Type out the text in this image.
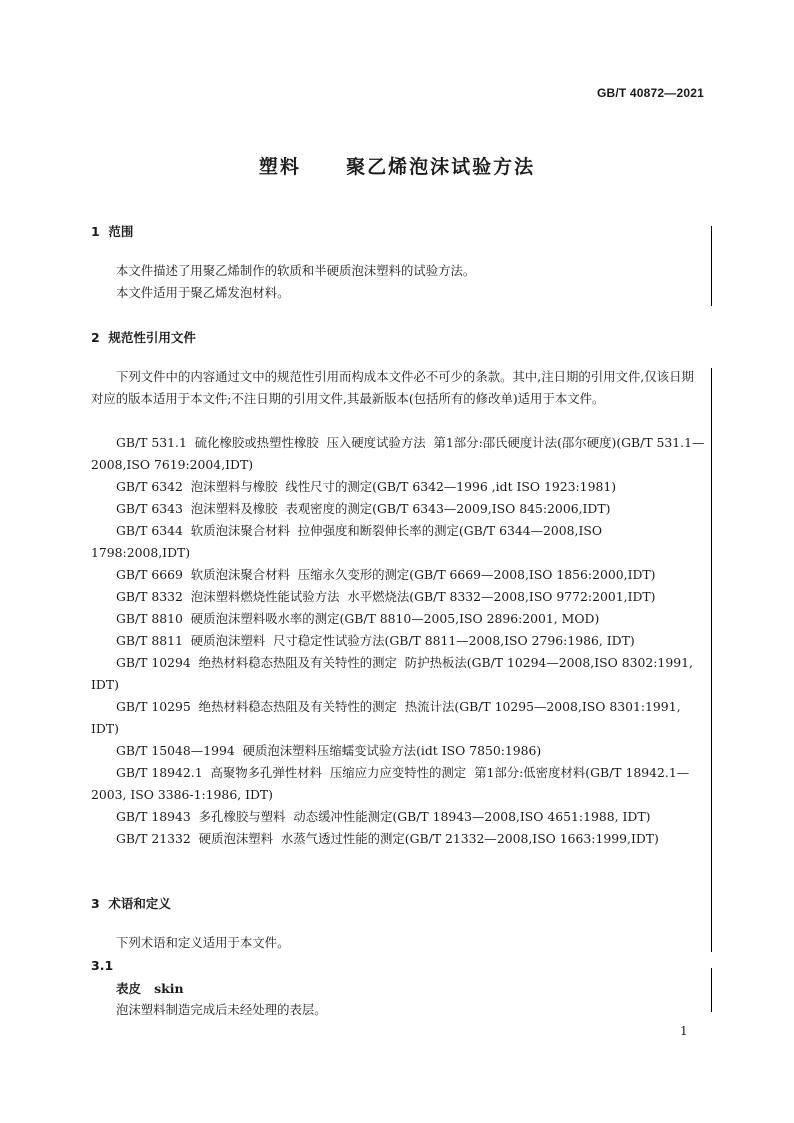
GB/T 40872—2021
塑料  聚乙烯泡沫试验方法
1  范围

本文件描述了用聚乙烯制作的软质和半硬质泡沫塑料的试验方法。

本文件适用于聚乙烯发泡材料。

2  规范性引用文件

下列文件中的内容通过文中的规范性引用而构成本文件必不可少的条款。其中,注日期的引用文件,仅该日期对应的版本适用于本文件;不注日期的引用文件,其最新版本(包括所有的修改单)适用于本文件。

GB/T 531.1  硫化橡胶或热塑性橡胶  压入硬度试验方法  第1部分:邵氏硬度计法(邵尔硬度)(GB/T 531.1—2008,ISO 7619:2004,IDT)

GB/T 6342  泡沫塑料与橡胶  线性尺寸的测定(GB/T 6342—1996 ,idt ISO 1923:1981)

GB/T 6343  泡沫塑料及橡胶  表观密度的测定(GB/T 6343—2009,ISO 845:2006,IDT)

GB/T 6344  软质泡沫聚合材料  拉伸强度和断裂伸长率的测定(GB/T 6344—2008,ISO 1798:2008,IDT)

GB/T 6669  软质泡沫聚合材料  压缩永久变形的测定(GB/T 6669—2008,ISO 1856:2000,IDT)

GB/T 8332  泡沫塑料燃烧性能试验方法  水平燃烧法(GB/T 8332—2008,ISO 9772:2001,IDT)

GB/T 8810  硬质泡沫塑料吸水率的测定(GB/T 8810—2005,ISO 2896:2001, MOD)

GB/T 8811  硬质泡沫塑料  尺寸稳定性试验方法(GB/T 8811—2008,ISO 2796:1986, IDT)

GB/T 10294  绝热材料稳态热阻及有关特性的测定  防护热板法(GB/T 10294—2008,ISO 8302:1991, IDT)

GB/T 10295  绝热材料稳态热阻及有关特性的测定  热流计法(GB/T 10295—2008,ISO 8301:1991, IDT)

GB/T 15048—1994  硬质泡沫塑料压缩蠕变试验方法(idt ISO 7850:1986)

GB/T 18942.1  高聚物多孔弹性材料  压缩应力应变特性的测定  第1部分:低密度材料(GB/T 18942.1—2003, ISO 3386-1:1986, IDT)

GB/T 18943  多孔橡胶与塑料  动态缓冲性能测定(GB/T 18943—2008,ISO 4651:1988, IDT)

GB/T 21332  硬质泡沫塑料  水蒸气透过性能的测定(GB/T 21332—2008,ISO 1663:1999,IDT)

3  术语和定义

下列术语和定义适用于本文件。

3.1
表皮 skin

泡沫塑料制造完成后未经处理的表层。

1
